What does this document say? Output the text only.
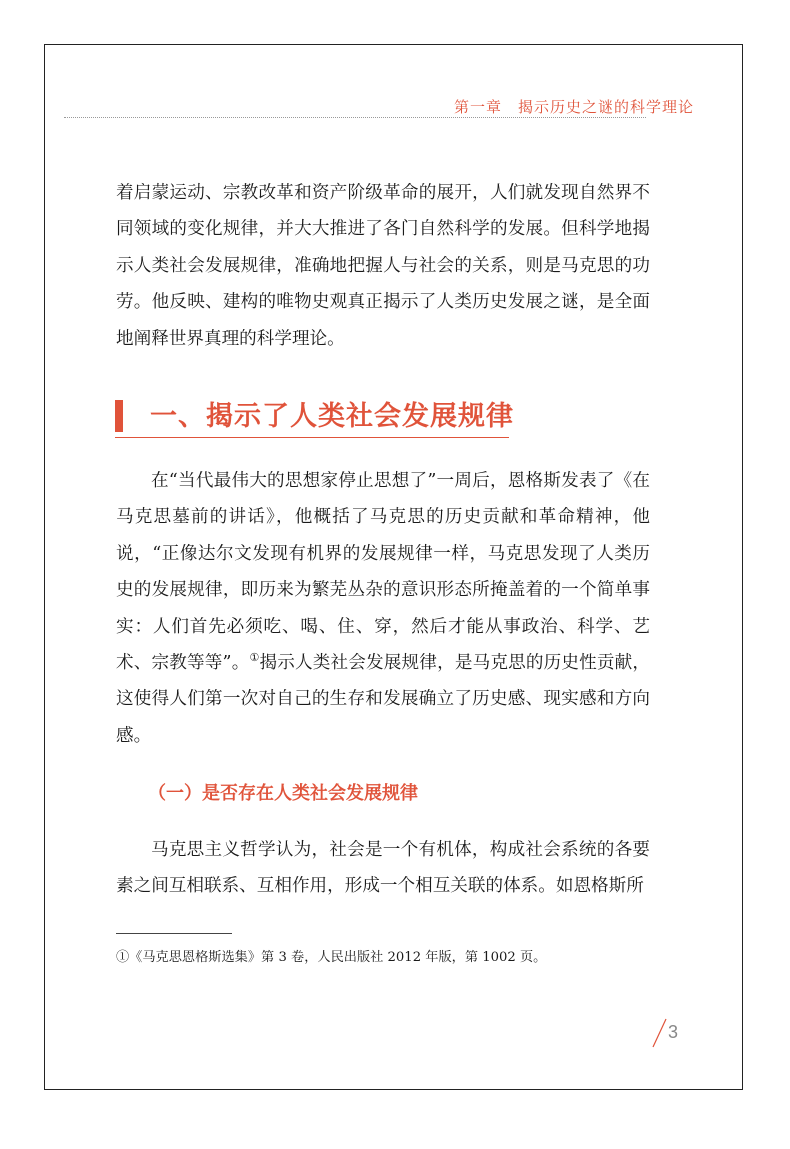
第一章 揭示历史之谜的科学理论

着启蒙运动、宗教改革和资产阶级革命的展开，人们就发现自然界不同领域的变化规律，并大大推进了各门自然科学的发展。但科学地揭示人类社会发展规律，准确地把握人与社会的关系，则是马克思的功劳。他反映、建构的唯物史观真正揭示了人类历史发展之谜，是全面地阐释世界真理的科学理论。

一、揭示了人类社会发展规律

在“当代最伟大的思想家停止思想了”一周后，恩格斯发表了《在马克思墓前的讲话》，他概括了马克思的历史贡献和革命精神，他说，“正像达尔文发现有机界的发展规律一样，马克思发现了人类历史的发展规律，即历来为繁芜丛杂的意识形态所掩盖着的一个简单事实：人们首先必须吃、喝、住、穿，然后才能从事政治、科学、艺术、宗教等等”。①揭示人类社会发展规律，是马克思的历史性贡献，这使得人们第一次对自己的生存和发展确立了历史感、现实感和方向感。

（一）是否存在人类社会发展规律

马克思主义哲学认为，社会是一个有机体，构成社会系统的各要素之间互相联系、互相作用，形成一个相互关联的体系。如恩格斯所

①《马克思恩格斯选集》第 3 卷，人民出版社 2012 年版，第 1002 页。
3
